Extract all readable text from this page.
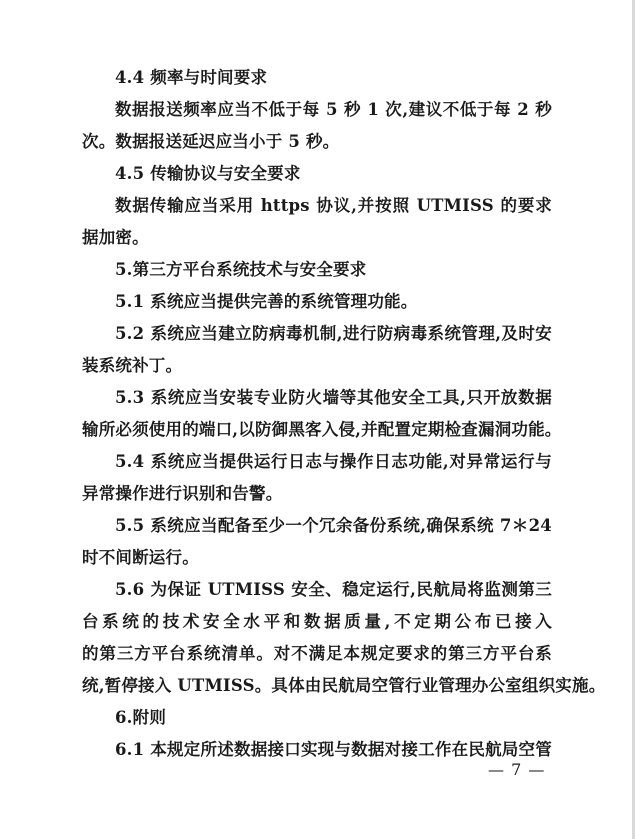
4.4 频率与时间要求
数据报送频率应当不低于每 5 秒 1 次,建议不低于每 2 秒
次。数据报送延迟应当小于 5 秒。
4.5 传输协议与安全要求
数据传输应当采用 https 协议,并按照 UTMISS 的要求
据加密。
5.第三方平台系统技术与安全要求
5.1 系统应当提供完善的系统管理功能。
5.2 系统应当建立防病毒机制,进行防病毒系统管理,及时安
装系统补丁。
5.3 系统应当安装专业防火墙等其他安全工具,只开放数据
输所必须使用的端口,以防御黑客入侵,并配置定期检查漏洞功能。
5.4 系统应当提供运行日志与操作日志功能,对异常运行与
异常操作进行识别和告警。
5.5 系统应当配备至少一个冗余备份系统,确保系统 7＊24
时不间断运行。
5.6 为保证 UTMISS 安全、稳定运行,民航局将监测第三
台系统的技术安全水平和数据质量,不定期公布已接入
的第三方平台系统清单。对不满足本规定要求的第三方平台系
统,暂停接入 UTMISS。具体由民航局空管行业管理办公室组织实施。
6.附则
6.1 本规定所述数据接口实现与数据对接工作在民航局空管
— 7 —
